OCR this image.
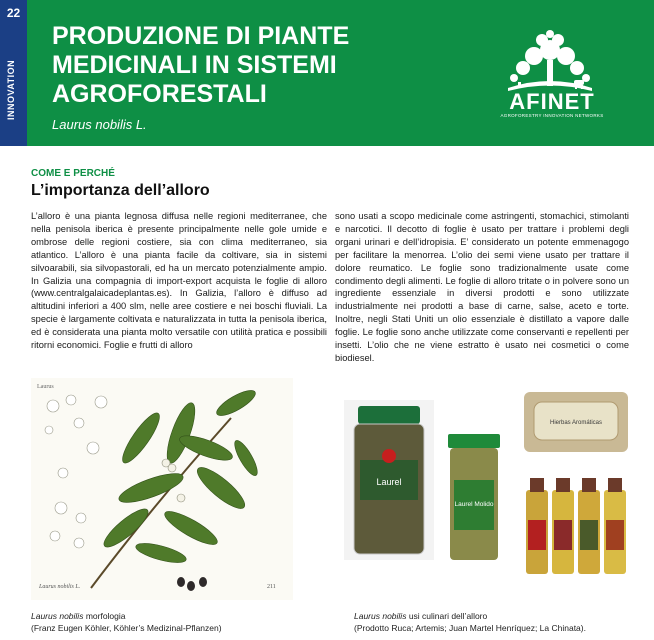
22
INNOVATION
PRODUZIONE DI PIANTE MEDICINALI IN SISTEMI AGROFORESTALI
Laurus nobilis L.
AFINET
AGROFORESTRY INNOVATION NETWORKS
COME E PERCHÉ
L’importanza dell’alloro
L’alloro è una pianta legnosa diffusa nelle regioni mediterranee, che nella penisola iberica è presente principalmente nelle gole umide e ombrose delle regioni costiere, sia con clima mediterraneo, sia atlantico. L’alloro è una pianta facile da coltivare, sia in sistemi silvoarabili, sia silvopastorali, ed ha un mercato potenzialmente ampio. In Galizia una compagnia di import-export acquista le foglie di alloro (www.centralgalaicadeplantas.es). In Galizia, l’alloro è diffuso ad altitudini inferiori a 400 slm, nelle aree costiere e nei boschi fluviali. La specie è largamente coltivata e naturalizzata in tutta la penisola iberica, ed è considerata una pianta molto versatile con utilità pratica e possibili ritorni economici. Foglie e frutti di alloro
sono usati a scopo medicinale come astringenti, stomachici, stimolanti e narcotici. Il decotto di foglie è usato per trattare i problemi degli organi urinari e dell’idropisia. E’ considerato un potente emmenagogo per facilitare la menorrea. L’olio dei semi viene usato per trattare il dolore reumatico. Le foglie sono tradizionalmente usate come condimento degli alimenti. Le foglie di alloro tritate o in polvere sono un ingrediente essenziale in diversi prodotti e sono utilizzate industrialmente nei prodotti a base di carne, salse, aceto e torte. Inoltre, negli Stati Uniti un olio essenziale è distillato a vapore dalle foglie. Le foglie sono anche utilizzate come conservanti e repellenti per insetti. L’olio che ne viene estratto è usato nei cosmetici o come biodiesel.
Laurus
Laurus nobilis L.	211
Laurel
Laurel Molido
Hierbas Aromáticas
Laurus nobilis morfologia
(Franz Eugen Köhler, Köhler’s Medizinal-Pflanzen)
Laurus nobilis usi culinari dell’alloro
(Prodotto Ruca; Artemis; Juan Martel Henríquez; La Chinata).
